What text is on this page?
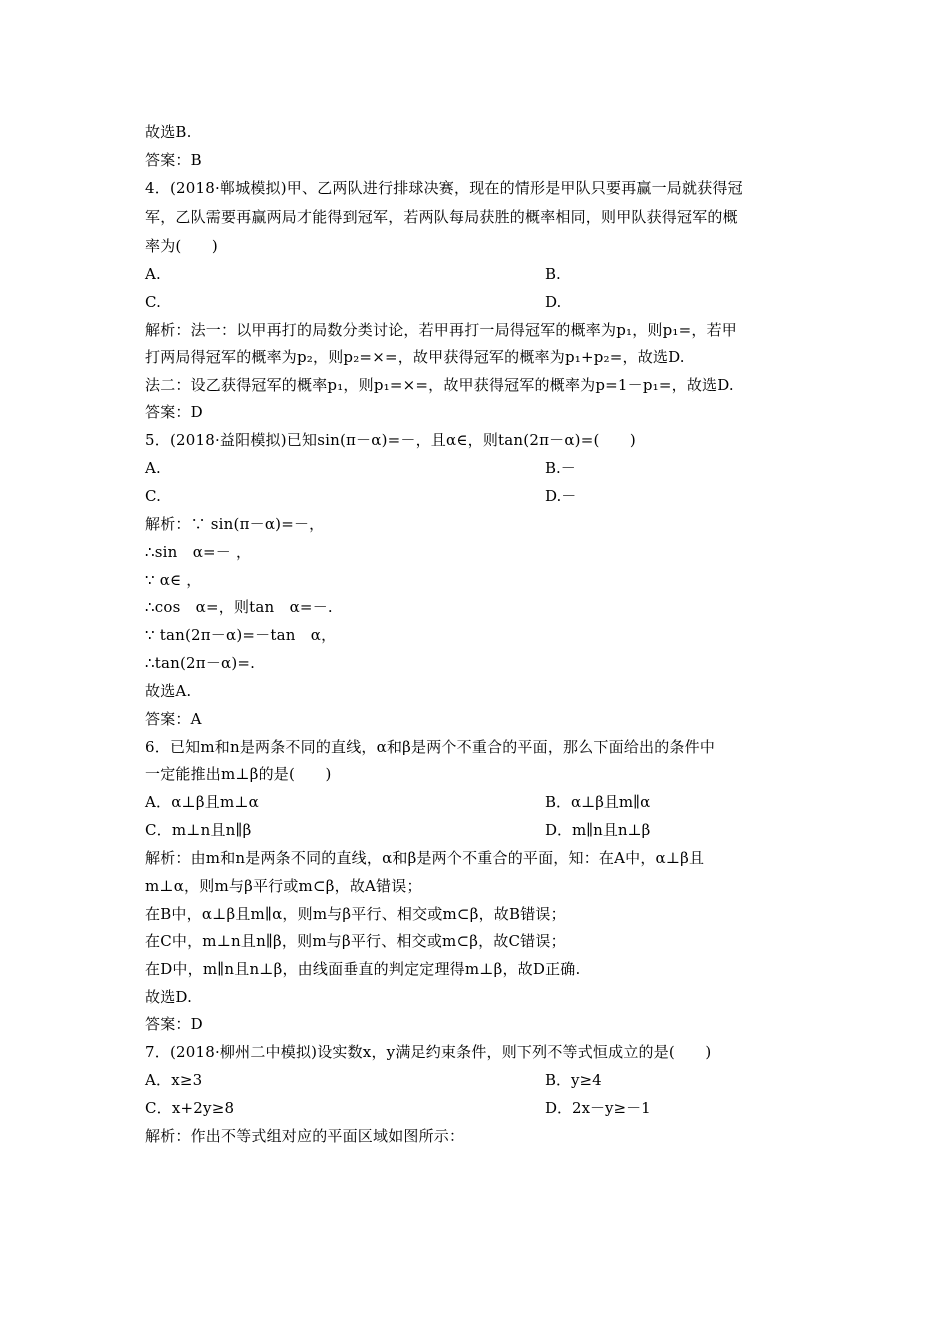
故选B.
答案：B
4．(2018·郸城模拟)甲、乙两队进行排球决赛，现在的情形是甲队只要再赢一局就获得冠
军，乙队需要再赢两局才能得到冠军，若两队每局获胜的概率相同，则甲队获得冠军的概
率为(　　)
A.	B.
C.	D.
解析：法一：以甲再打的局数分类讨论，若甲再打一局得冠军的概率为p₁，则p₁=，若甲
打两局得冠军的概率为p₂，则p₂=×=，故甲获得冠军的概率为p₁+p₂=，故选D.
法二：设乙获得冠军的概率p₁，则p₁=×=，故甲获得冠军的概率为p=1－p₁=，故选D.
答案：D
5．(2018·益阳模拟)已知sin(π－α)=－，且α∈，则tan(2π－α)=(　　)
A.	B.－
C.	D.－
解析：∵ sin(π－α)=－，
∴sin　α=－ ，
∵ α∈ ，
∴cos　α=，则tan　α=－.
∵ tan(2π－α)=－tan　α，
∴tan(2π－α)=.
故选A.
答案：A
6．已知m和n是两条不同的直线，α和β是两个不重合的平面，那么下面给出的条件中
一定能推出m⊥β的是(　　)
A．α⊥β且m⊥α	B．α⊥β且m∥α
C．m⊥n且n∥β	D．m∥n且n⊥β
解析：由m和n是两条不同的直线，α和β是两个不重合的平面，知：在A中，α⊥β且
m⊥α，则m与β平行或m⊂β，故A错误；
在B中，α⊥β且m∥α，则m与β平行、相交或m⊂β，故B错误；
在C中，m⊥n且n∥β，则m与β平行、相交或m⊂β，故C错误；
在D中，m∥n且n⊥β，由线面垂直的判定定理得m⊥β，故D正确.
故选D.
答案：D
7．(2018·柳州二中模拟)设实数x，y满足约束条件，则下列不等式恒成立的是(　　)
A．x≥3	B．y≥4
C．x+2y≥8	D．2x－y≥－1
解析：作出不等式组对应的平面区域如图所示：
